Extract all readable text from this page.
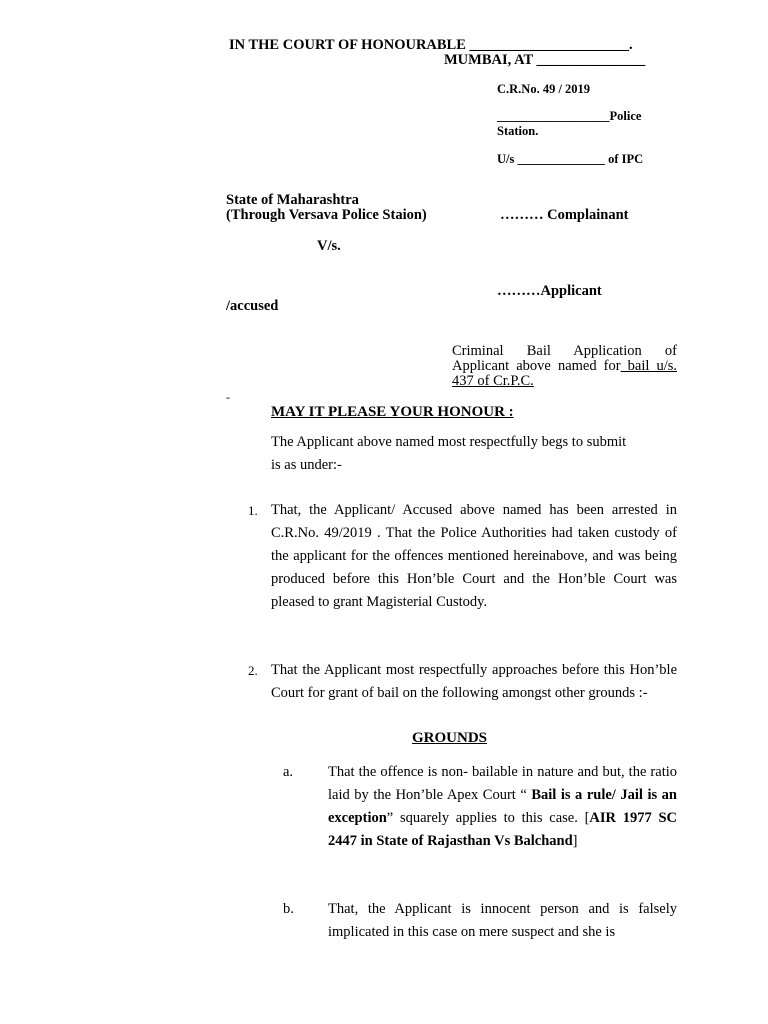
IN THE COURT OF HONOURABLE ______________________.
MUMBAI, AT _______________
C.R.No. 49 / 2019
__________________Police
Station.
U/s ______________ of IPC
State of Maharashtra
(Through Versava Police Staion)	……… Complainant
V/s.
………Applicant
/accused
Criminal Bail Application of Applicant above named for bail u/s. 437 of Cr.P.C.
-
MAY IT PLEASE YOUR HONOUR :
The Applicant above named most respectfully begs to submit is as under:-
1. That, the Applicant/ Accused above named has been arrested in C.R.No. 49/2019 . That the Police Authorities had taken custody of the applicant for the offences mentioned hereinabove, and was being produced before this Hon’ble Court and the Hon’ble Court was pleased to grant Magisterial Custody.
2. That the Applicant most respectfully approaches before this Hon’ble Court for grant of bail on the following amongst other grounds :-
GROUNDS
a. That the offence is non- bailable in nature and but, the ratio laid by the Hon’ble Apex Court “ Bail is a rule/ Jail is an exception” squarely applies to this case. [AIR 1977 SC 2447 in State of Rajasthan Vs Balchand]
b. That, the Applicant is innocent person and is falsely implicated in this case on mere suspect and she is
